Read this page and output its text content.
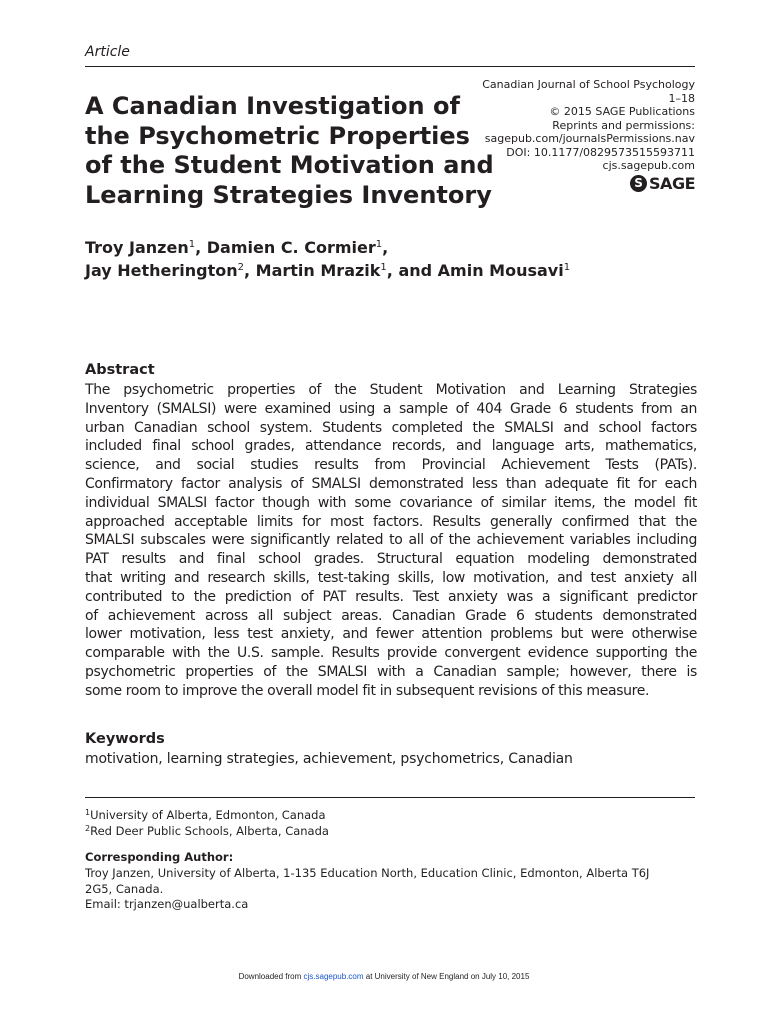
Article
Canadian Journal of School Psychology
1–18
© 2015 SAGE Publications
Reprints and permissions:
sagepub.com/journalsPermissions.nav
DOI: 10.1177/0829573515593711
cjs.sagepub.com
S SAGE
A Canadian Investigation of
the Psychometric Properties
of the Student Motivation and
Learning Strategies Inventory
Troy Janzen$^1$, Damien C. Cormier$^1$,
Jay Hetherington$^2$, Martin Mrazik$^1$, and Amin Mousavi$^1$
Abstract
The psychometric properties of the Student Motivation and Learning Strategies
Inventory (SMALSI) were examined using a sample of 404 Grade 6 students from an
urban Canadian school system. Students completed the SMALSI and school factors
included final school grades, attendance records, and language arts, mathematics,
science, and social studies results from Provincial Achievement Tests (PATs).
Confirmatory factor analysis of SMALSI demonstrated less than adequate fit for each
individual SMALSI factor though with some covariance of similar items, the model fit
approached acceptable limits for most factors. Results generally confirmed that the
SMALSI subscales were significantly related to all of the achievement variables including
PAT results and final school grades. Structural equation modeling demonstrated
that writing and research skills, test-taking skills, low motivation, and test anxiety all
contributed to the prediction of PAT results. Test anxiety was a significant predictor
of achievement across all subject areas. Canadian Grade 6 students demonstrated
lower motivation, less test anxiety, and fewer attention problems but were otherwise
comparable with the U.S. sample. Results provide convergent evidence supporting the
psychometric properties of the SMALSI with a Canadian sample; however, there is
some room to improve the overall model fit in subsequent revisions of this measure.
Keywords

motivation, learning strategies, achievement, psychometrics, Canadian

$^1$University of Alberta, Edmonton, Canada
$^2$Red Deer Public Schools, Alberta, Canada
Corresponding Author:
Troy Janzen, University of Alberta, 1-135 Education North, Education Clinic, Edmonton, Alberta T6J
2G5, Canada.
Email: trjanzen@ualberta.ca
Downloaded from cjs.sagepub.com at University of New England on July 10, 2015
